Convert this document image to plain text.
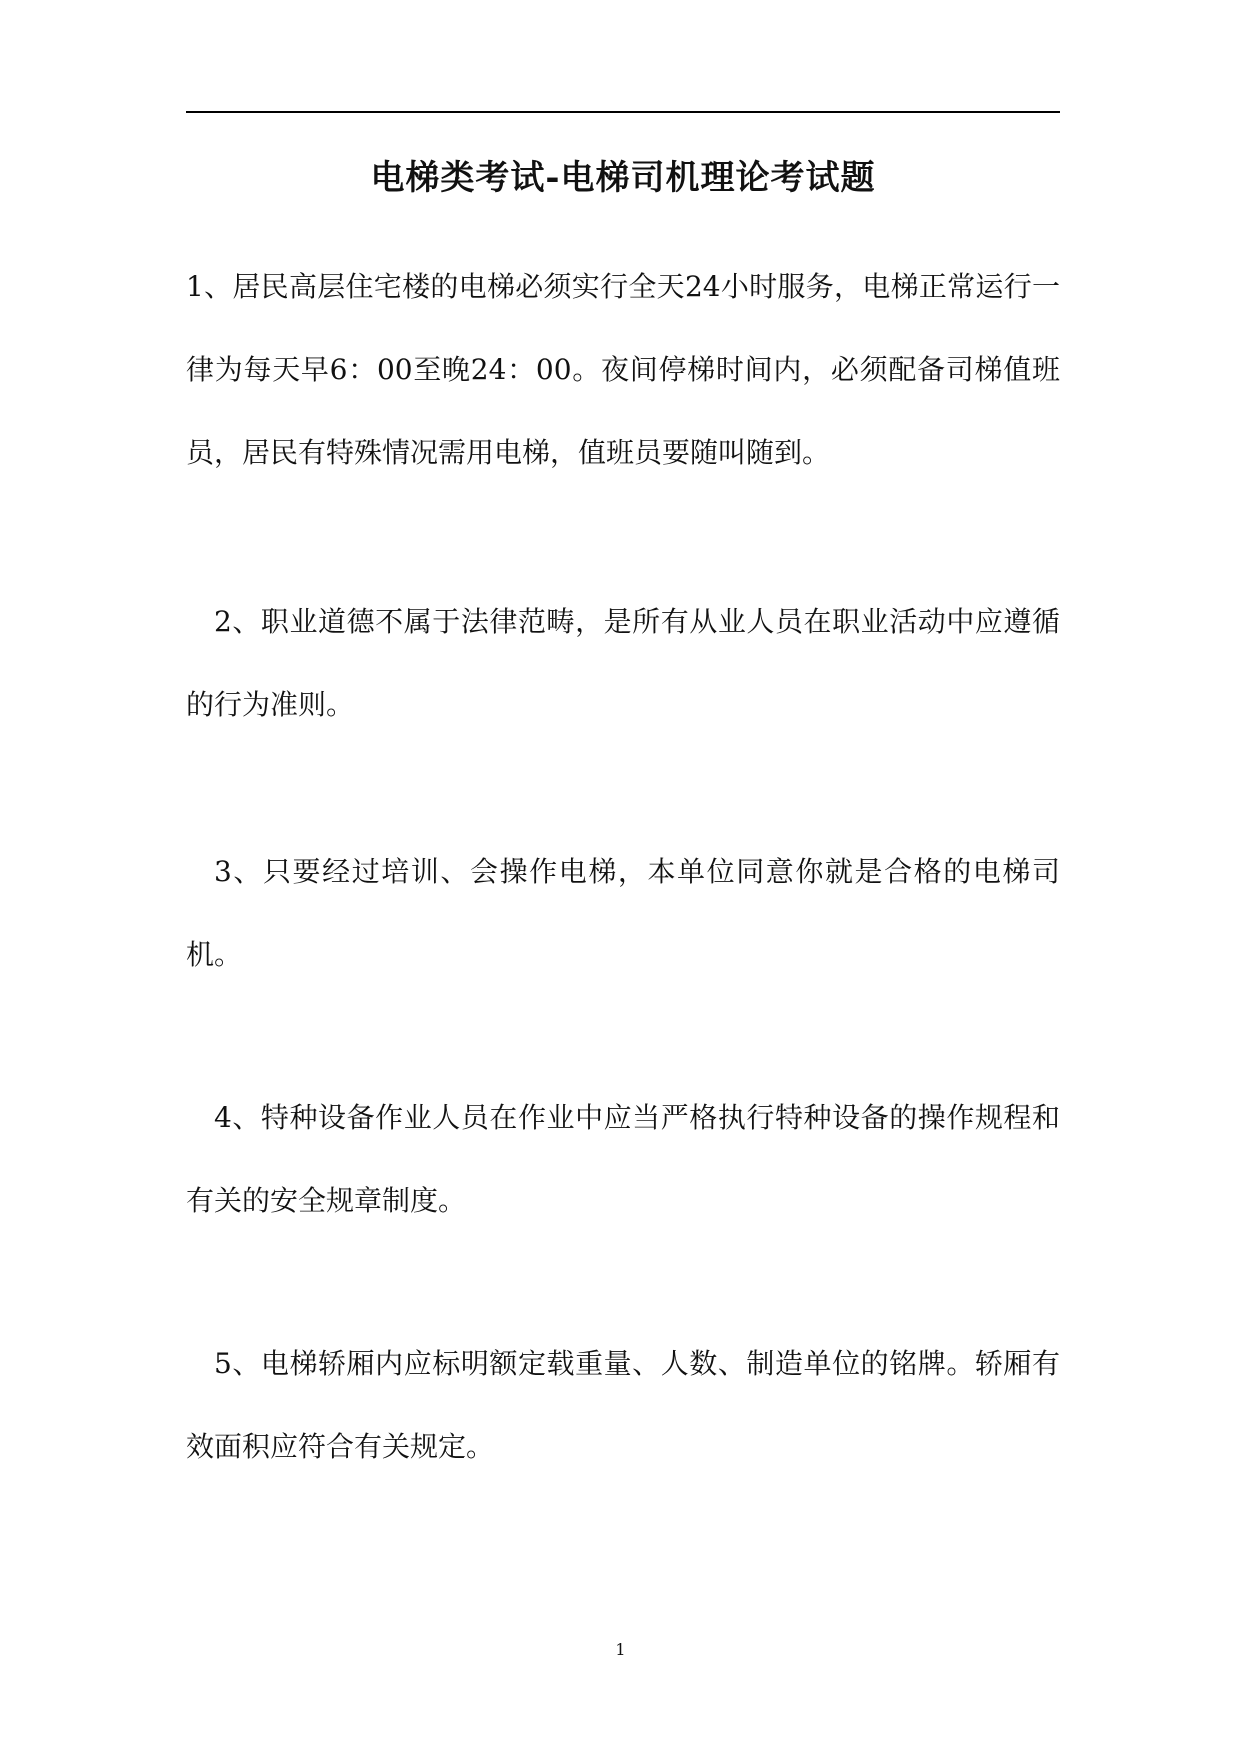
电梯类考试-电梯司机理论考试题

1、居民高层住宅楼的电梯必须实行全天24小时服务，电梯正常运行一律为每天早6：00至晚24：00。夜间停梯时间内，必须配备司梯值班员，居民有特殊情况需用电梯，值班员要随叫随到。

2、职业道德不属于法律范畴，是所有从业人员在职业活动中应遵循的行为准则。

3、只要经过培训、会操作电梯，本单位同意你就是合格的电梯司机。

4、特种设备作业人员在作业中应当严格执行特种设备的操作规程和有关的安全规章制度。

5、电梯轿厢内应标明额定载重量、人数、制造单位的铭牌。轿厢有效面积应符合有关规定。

1
